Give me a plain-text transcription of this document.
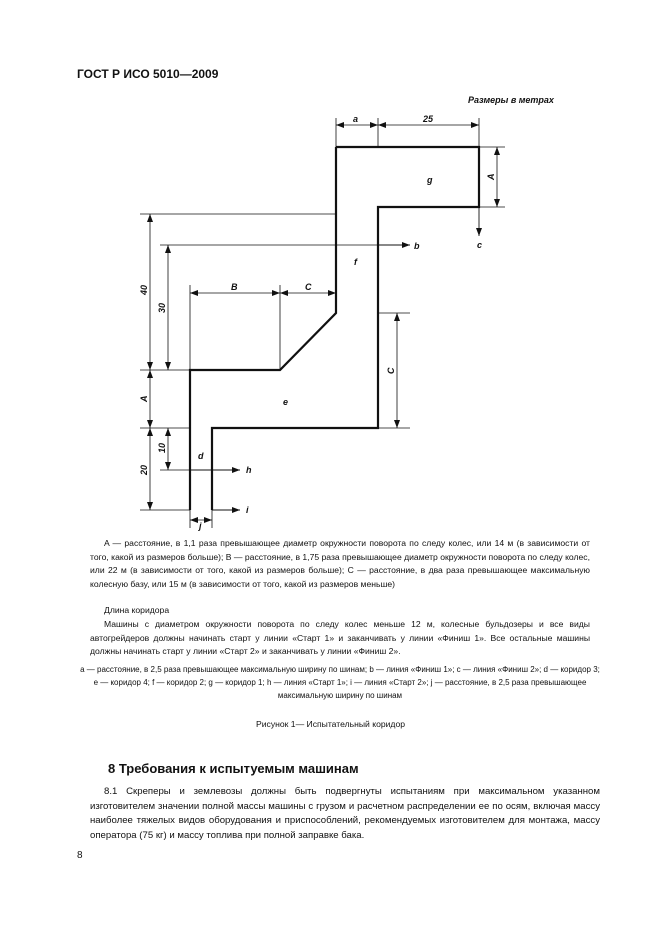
ГОСТ Р ИСО 5010—2009
Размеры в метрах
a	25
A
40
30
B	C
C
A
10
20
j
g
f
e
d
b	c
h
i
A — расстояние, в 1,1 раза превышающее диаметр окружности поворота по следу колес, или 14 м (в зависимости от того, какой из размеров больше); B — расстояние, в 1,75 раза превышающее диаметр окружности поворота по следу колес, или 22 м (в зависимости от того, какой из размеров больше); C — расстояние, в два раза превышающее максимальную колесную базу, или 15 м (в зависимости от того, какой из размеров меньше)
Длина коридора
Машины с диаметром окружности поворота по следу колес меньше 12 м, колесные бульдозеры и все виды автогрейдеров должны начинать старт у линии «Старт 1» и заканчивать у линии «Финиш 1». Все остальные машины должны начинать старт у линии «Старт 2» и заканчивать у линии «Финиш 2».
a — расстояние, в 2,5 раза превышающее максимальную ширину по шинам; b — линия «Финиш 1»; c — линия «Финиш 2»; d — коридор 3; e — коридор 4; f — коридор 2; g — коридор 1; h — линия «Старт 1»; i — линия «Старт 2»; j — расстояние, в 2,5 раза превышающее максимальную ширину по шинам
Рисунок 1— Испытательный коридор
8 Требования к испытуемым машинам
8.1 Скреперы и землевозы должны быть подвергнуты испытаниям при максимальном указанном изготовителем значении полной массы машины с грузом и расчетном распределении ее по осям, включая массу наиболее тяжелых видов оборудования и приспособлений, рекомендуемых изготовителем для монтажа, массу оператора (75 кг) и массу топлива при полной заправке бака.
8
